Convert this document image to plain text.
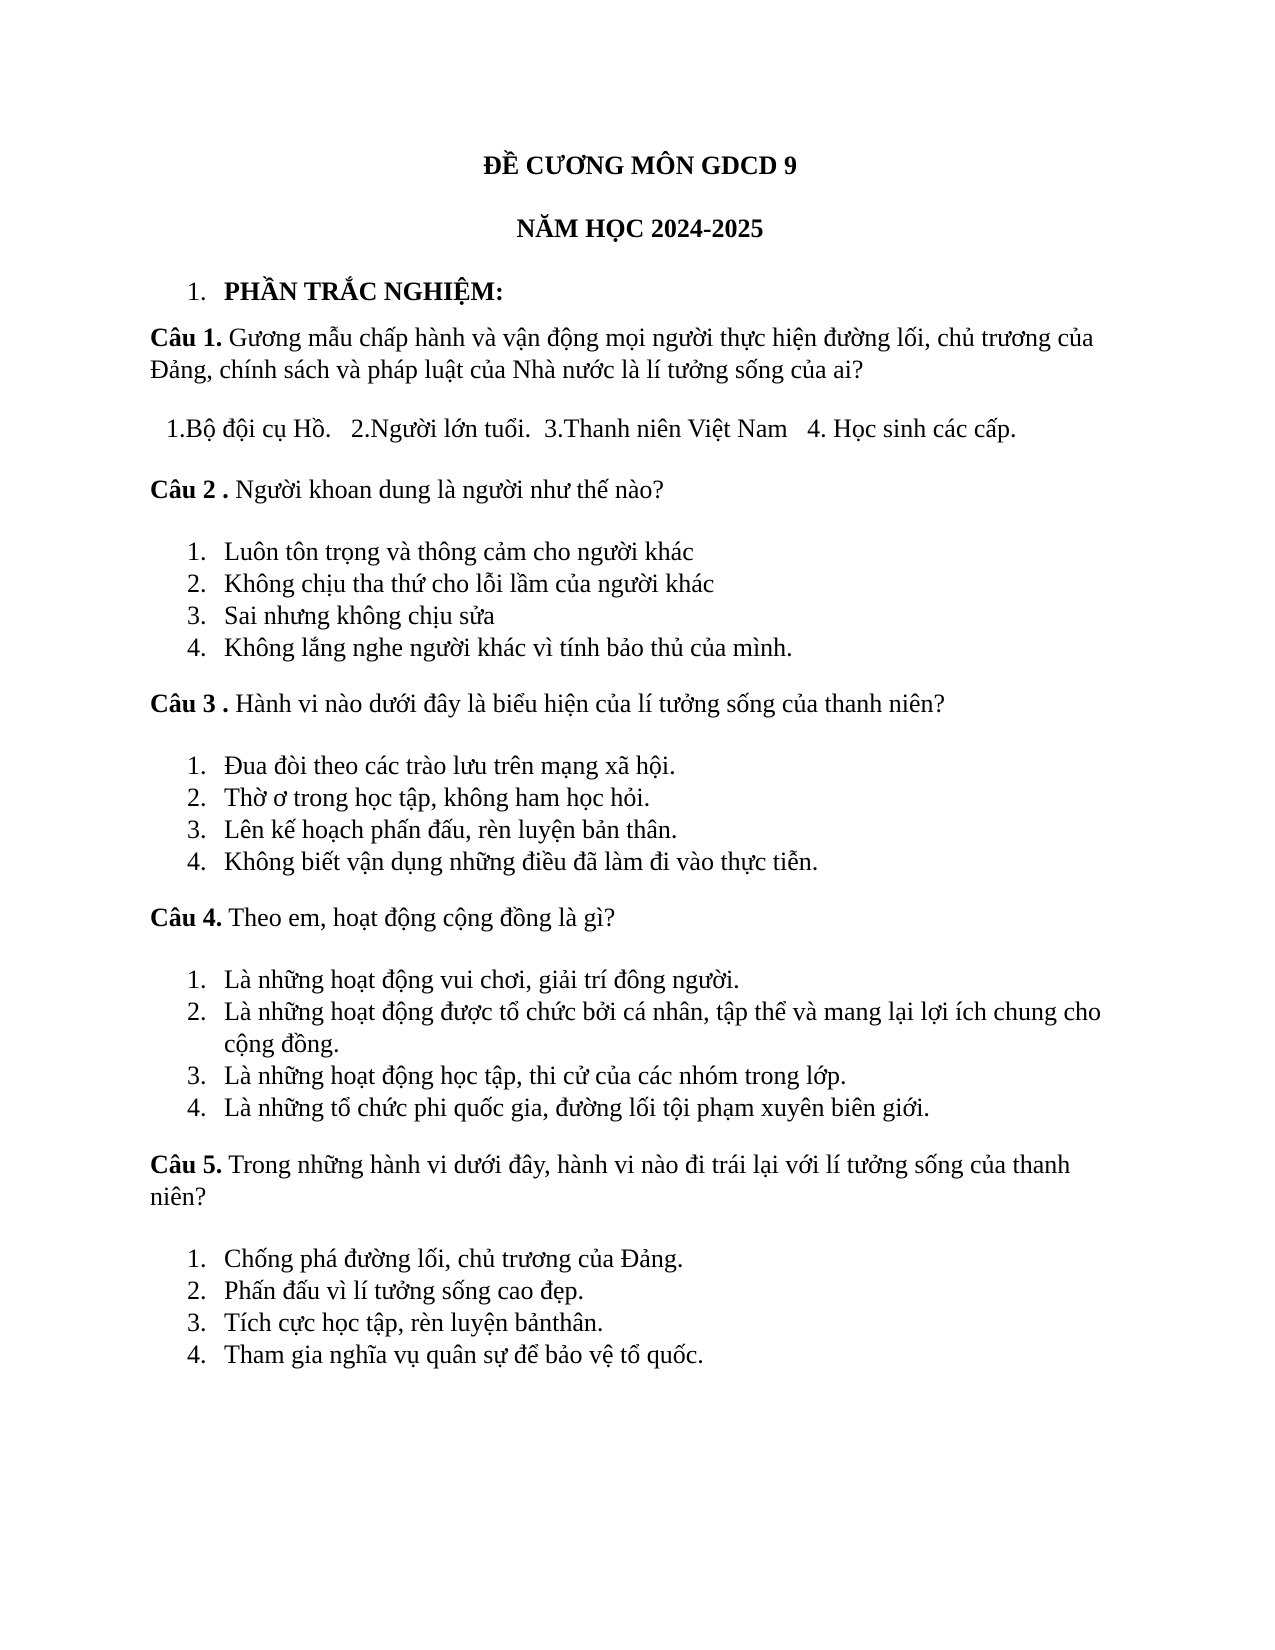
ĐỀ CƯƠNG MÔN GDCD 9
NĂM HỌC 2024-2025
1. PHẦN TRẮC NGHIỆM:

Câu 1. Gương mẫu chấp hành và vận động mọi người thực hiện đường lối, chủ trương của Đảng, chính sách và pháp luật của Nhà nước là lí tưởng sống của ai?

1.Bộ đội cụ Hồ.   2.Người lớn tuổi.  3.Thanh niên Việt Nam   4. Học sinh các cấp.

Câu 2 . Người khoan dung là người như thế nào?

1. Luôn tôn trọng và thông cảm cho người khác
2. Không chịu tha thứ cho lỗi lầm của người khác
3. Sai nhưng không chịu sửa
4. Không lắng nghe người khác vì tính bảo thủ của mình.

Câu 3 . Hành vi nào dưới đây là biểu hiện của lí tưởng sống của thanh niên?

1. Đua đòi theo các trào lưu trên mạng xã hội.
2. Thờ ơ trong học tập, không ham học hỏi.
3. Lên kế hoạch phấn đấu, rèn luyện bản thân.
4. Không biết vận dụng những điều đã làm đi vào thực tiễn.

Câu 4. Theo em, hoạt động cộng đồng là gì?

1. Là những hoạt động vui chơi, giải trí đông người.
2. Là những hoạt động được tổ chức bởi cá nhân, tập thể và mang lại lợi ích chung cho cộng đồng.
3. Là những hoạt động học tập, thi cử của các nhóm trong lớp.
4. Là những tổ chức phi quốc gia, đường lối tội phạm xuyên biên giới.

Câu 5. Trong những hành vi dưới đây, hành vi nào đi trái lại với lí tưởng sống của thanh niên?

1. Chống phá đường lối, chủ trương của Đảng.
2. Phấn đấu vì lí tưởng sống cao đẹp.
3. Tích cực học tập, rèn luyện bảnthân.
4. Tham gia nghĩa vụ quân sự để bảo vệ tổ quốc.
